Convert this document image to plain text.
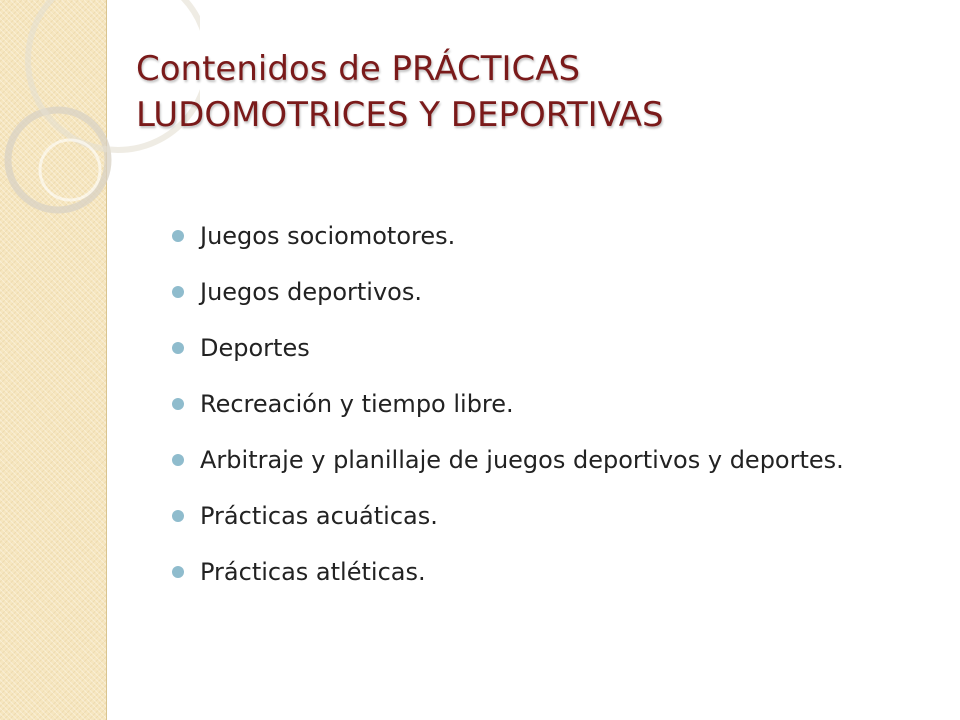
Contenidos de PRÁCTICAS
LUDOMOTRICES Y DEPORTIVAS
Juegos sociomotores.
Juegos deportivos.
Deportes
Recreación y tiempo libre.
Arbitraje y planillaje de juegos deportivos y deportes.
Prácticas acuáticas.
Prácticas atléticas.
